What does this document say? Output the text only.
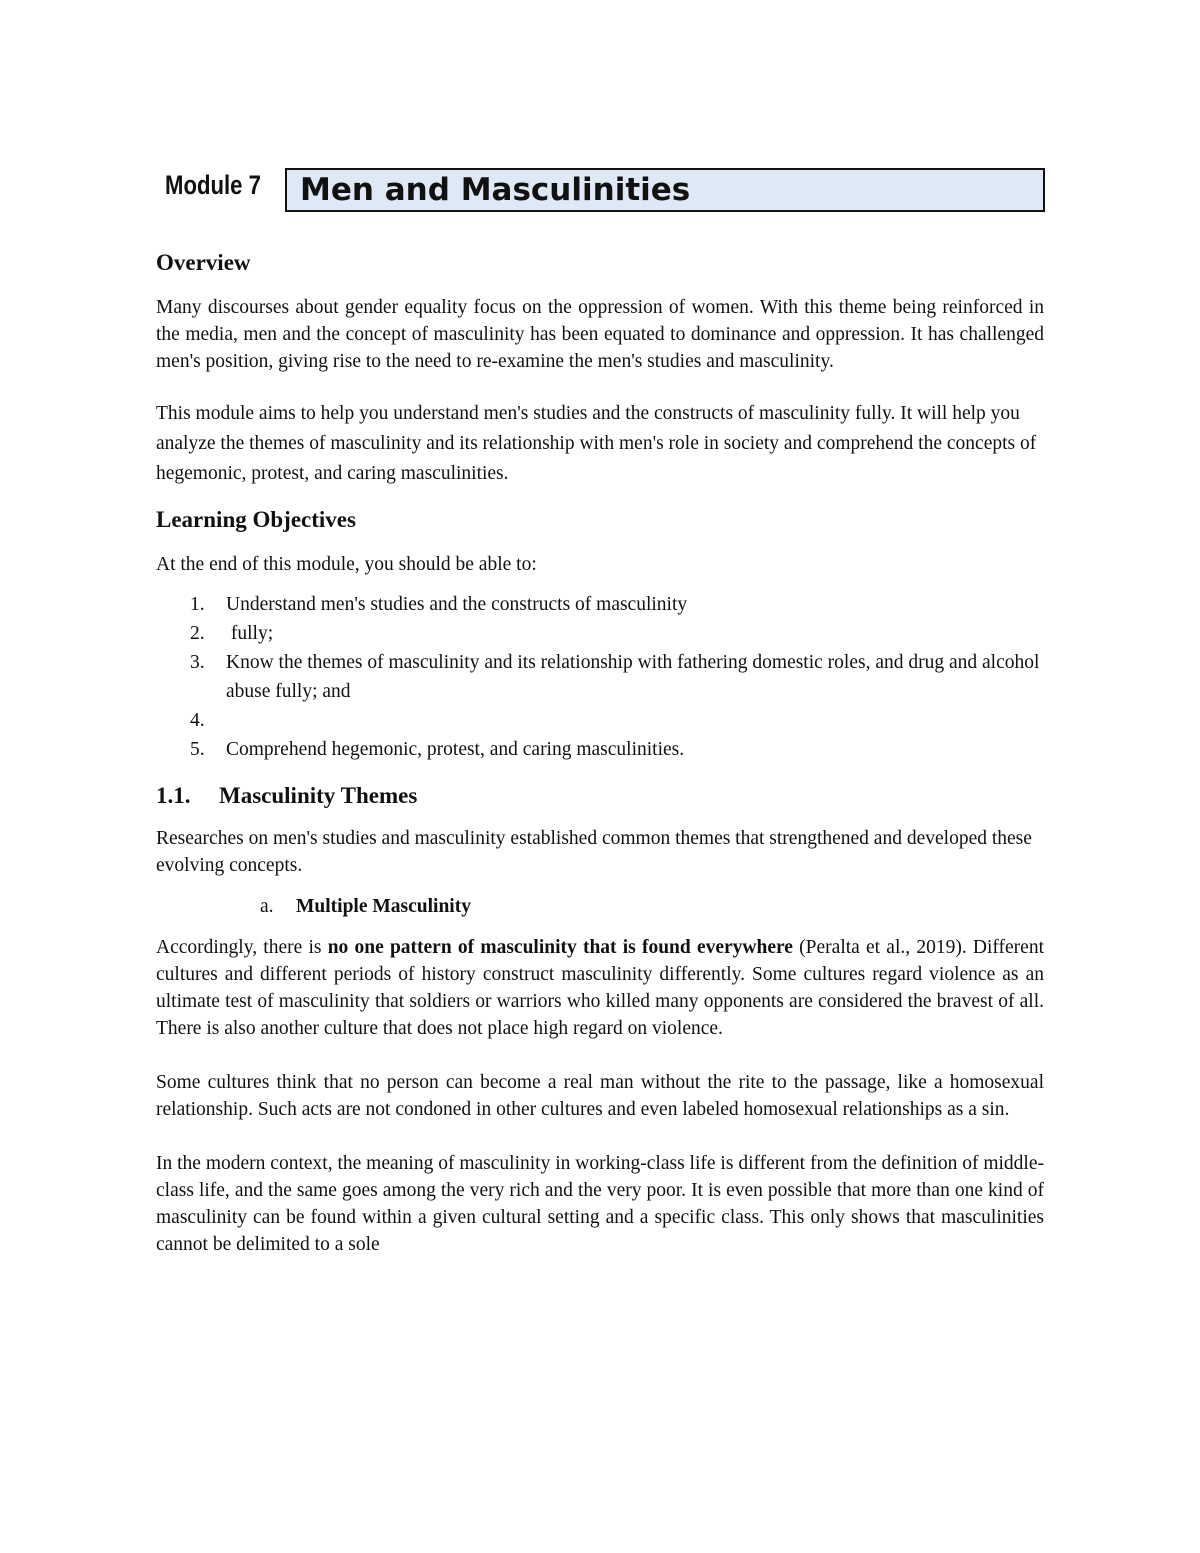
Module 7 Men and Masculinities
Overview

Many discourses about gender equality focus on the oppression of women. With this theme being reinforced in the media, men and the concept of masculinity has been equated to dominance and oppression. It has challenged men's position, giving rise to the need to re-examine the men's studies and masculinity.

This module aims to help you understand men's studies and the constructs of masculinity fully. It will help you analyze the themes of masculinity and its relationship with men's role in society and comprehend the concepts of hegemonic, protest, and caring masculinities.

Learning Objectives

At the end of this module, you should be able to:

1. Understand men's studies and the constructs of masculinity
2. fully;
3. Know the themes of masculinity and its relationship with fathering domestic roles, and drug and alcohol abuse fully; and
4.
5. Comprehend hegemonic, protest, and caring masculinities.
1.1. Masculinity Themes

Researches on men's studies and masculinity established common themes that strengthened and developed these evolving concepts.

a. Multiple Masculinity

Accordingly, there is no one pattern of masculinity that is found everywhere (Peralta et al., 2019). Different cultures and different periods of history construct masculinity differently. Some cultures regard violence as an ultimate test of masculinity that soldiers or warriors who killed many opponents are considered the bravest of all. There is also another culture that does not place high regard on violence.

Some cultures think that no person can become a real man without the rite to the passage, like a homosexual relationship. Such acts are not condoned in other cultures and even labeled homosexual relationships as a sin.

In the modern context, the meaning of masculinity in working-class life is different from the definition of middle-class life, and the same goes among the very rich and the very poor. It is even possible that more than one kind of masculinity can be found within a given cultural setting and a specific class. This only shows that masculinities cannot be delimited to a sole
